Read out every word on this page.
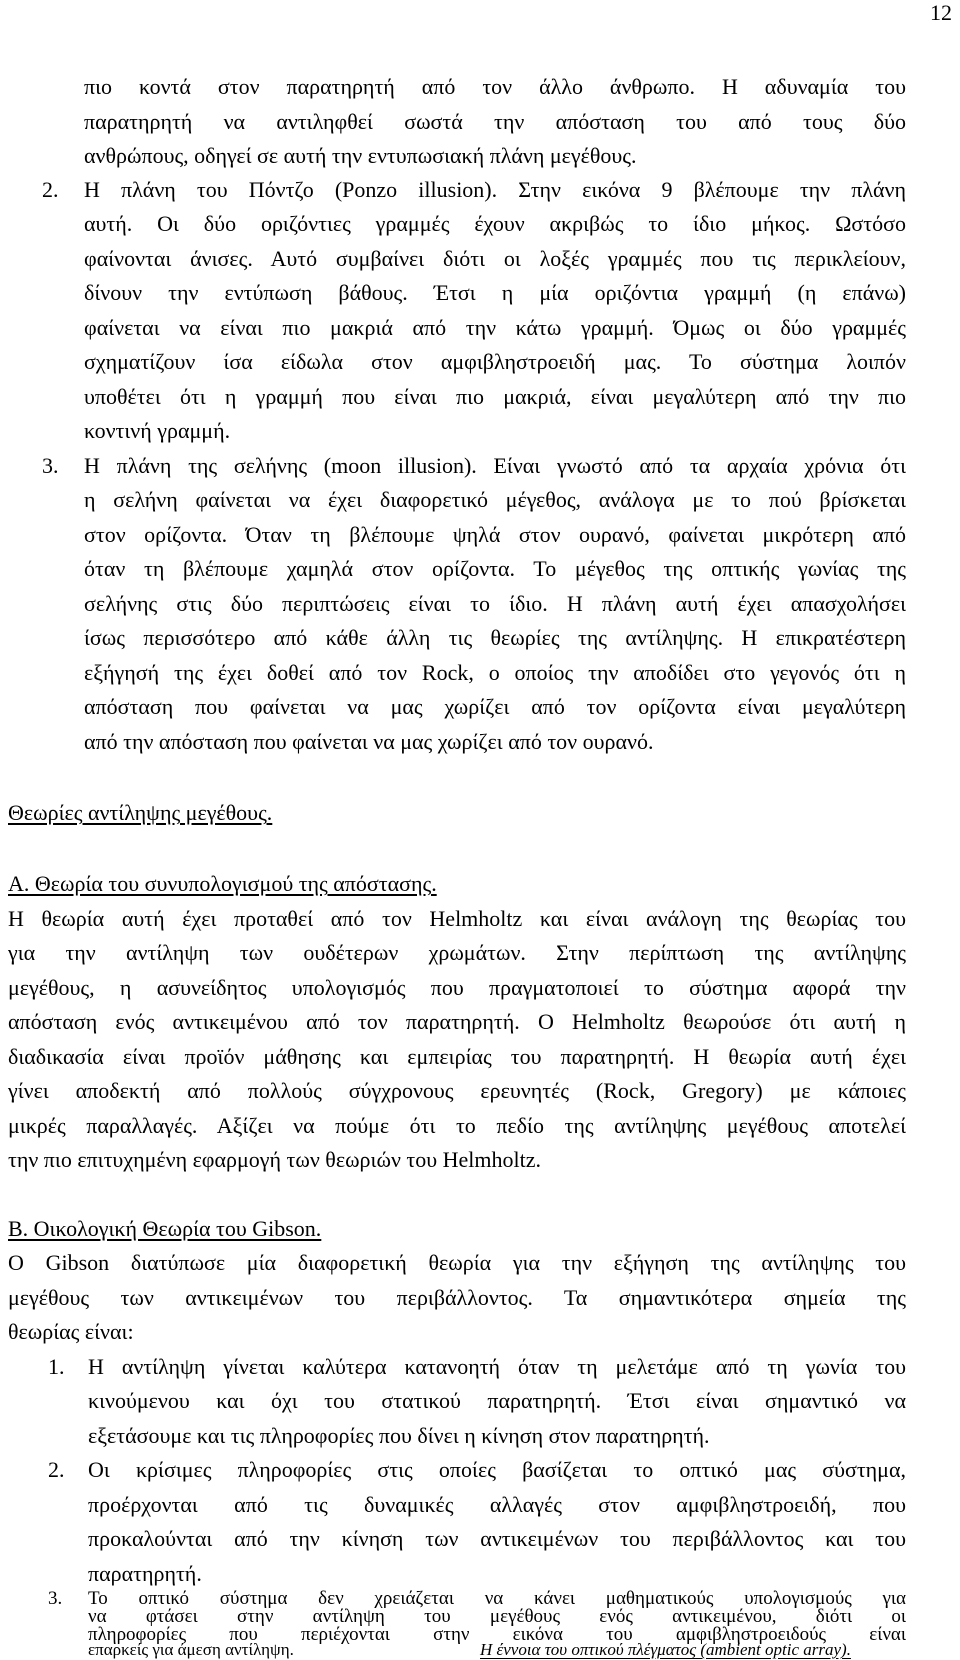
12
πιο κοντά στον παρατηρητή από τον άλλο άνθρωπο. Η αδυναμία του
παρατηρητή να αντιληφθεί σωστά την απόσταση του από τους δύο
ανθρώπους, οδηγεί σε αυτή την εντυπωσιακή πλάνη μεγέθους.
2. Η πλάνη του Πόντζο (Ponzo illusion). Στην εικόνα 9 βλέπουμε την πλάνη
αυτή. Οι δύο οριζόντιες γραμμές έχουν ακριβώς το ίδιο μήκος. Ωστόσο
φαίνονται άνισες. Αυτό συμβαίνει διότι οι λοξές γραμμές που τις περικλείουν,
δίνουν την εντύπωση βάθους. Έτσι η μία οριζόντια γραμμή (η επάνω)
φαίνεται να είναι πιο μακριά από την κάτω γραμμή. Όμως οι δύο γραμμές
σχηματίζουν ίσα είδωλα στον αμφιβληστροειδή μας. Το σύστημα λοιπόν
υποθέτει ότι η γραμμή που είναι πιο μακριά, είναι μεγαλύτερη από την πιο
κοντινή γραμμή.
3. Η πλάνη της σελήνης (moon illusion). Είναι γνωστό από τα αρχαία χρόνια ότι
η σελήνη φαίνεται να έχει διαφορετικό μέγεθος, ανάλογα με το πού βρίσκεται
στον ορίζοντα. Όταν τη βλέπουμε ψηλά στον ουρανό, φαίνεται μικρότερη από
όταν τη βλέπουμε χαμηλά στον ορίζοντα. Το μέγεθος της οπτικής γωνίας της
σελήνης στις δύο περιπτώσεις είναι το ίδιο. Η πλάνη αυτή έχει απασχολήσει
ίσως περισσότερο από κάθε άλλη τις θεωρίες της αντίληψης. Η επικρατέστερη
εξήγησή της έχει δοθεί από τον Rock, ο οποίος την αποδίδει στο γεγονός ότι η
απόσταση που φαίνεται να μας χωρίζει από τον ορίζοντα είναι μεγαλύτερη
από την απόσταση που φαίνεται να μας χωρίζει από τον ουρανό.
Θεωρίες αντίληψης μεγέθους.
Α. Θεωρία του συνυπολογισμού της απόστασης.
Η θεωρία αυτή έχει προταθεί από τον Helmholtz και είναι ανάλογη της θεωρίας του
για την αντίληψη των ουδέτερων χρωμάτων. Στην περίπτωση της αντίληψης
μεγέθους, η ασυνείδητος υπολογισμός που πραγματοποιεί το σύστημα αφορά την
απόσταση ενός αντικειμένου από τον παρατηρητή. Ο Helmholtz θεωρούσε ότι αυτή η
διαδικασία είναι προϊόν μάθησης και εμπειρίας του παρατηρητή. Η θεωρία αυτή έχει
γίνει αποδεκτή από πολλούς σύγχρονους ερευνητές (Rock, Gregory) με κάποιες
μικρές παραλλαγές. Αξίζει να πούμε ότι το πεδίο της αντίληψης μεγέθους αποτελεί
την πιο επιτυχημένη εφαρμογή των θεωριών του Helmholtz.
Β. Οικολογική Θεωρία του Gibson.
Ο Gibson διατύπωσε μία διαφορετική θεωρία για την εξήγηση της αντίληψης του
μεγέθους των αντικειμένων του περιβάλλοντος. Τα σημαντικότερα σημεία της
θεωρίας είναι:
1. Η αντίληψη γίνεται καλύτερα κατανοητή όταν τη μελετάμε από τη γωνία του
κινούμενου και όχι του στατικού παρατηρητή. Έτσι είναι σημαντικό να
εξετάσουμε και τις πληροφορίες που δίνει η κίνηση στον παρατηρητή.
2. Οι κρίσιμες πληροφορίες στις οποίες βασίζεται το οπτικό μας σύστημα,
προέρχονται από τις δυναμικές αλλαγές στον αμφιβληστροειδή, που
προκαλούνται από την κίνηση των αντικειμένων του περιβάλλοντος και του
παρατηρητή.
3. Το οπτικό σύστημα δεν χρειάζεται να κάνει μαθηματικούς υπολογισμούς για
να φτάσει στην αντίληψη του μεγέθους ενός αντικειμένου, διότι οι
πληροφορίες που περιέχονται στην εικόνα του αμφιβληστροειδούς είναι
επαρκείς για άμεση αντίληψη.	Η έννοια του οπτικού πλέγματος (ambient optic array).
